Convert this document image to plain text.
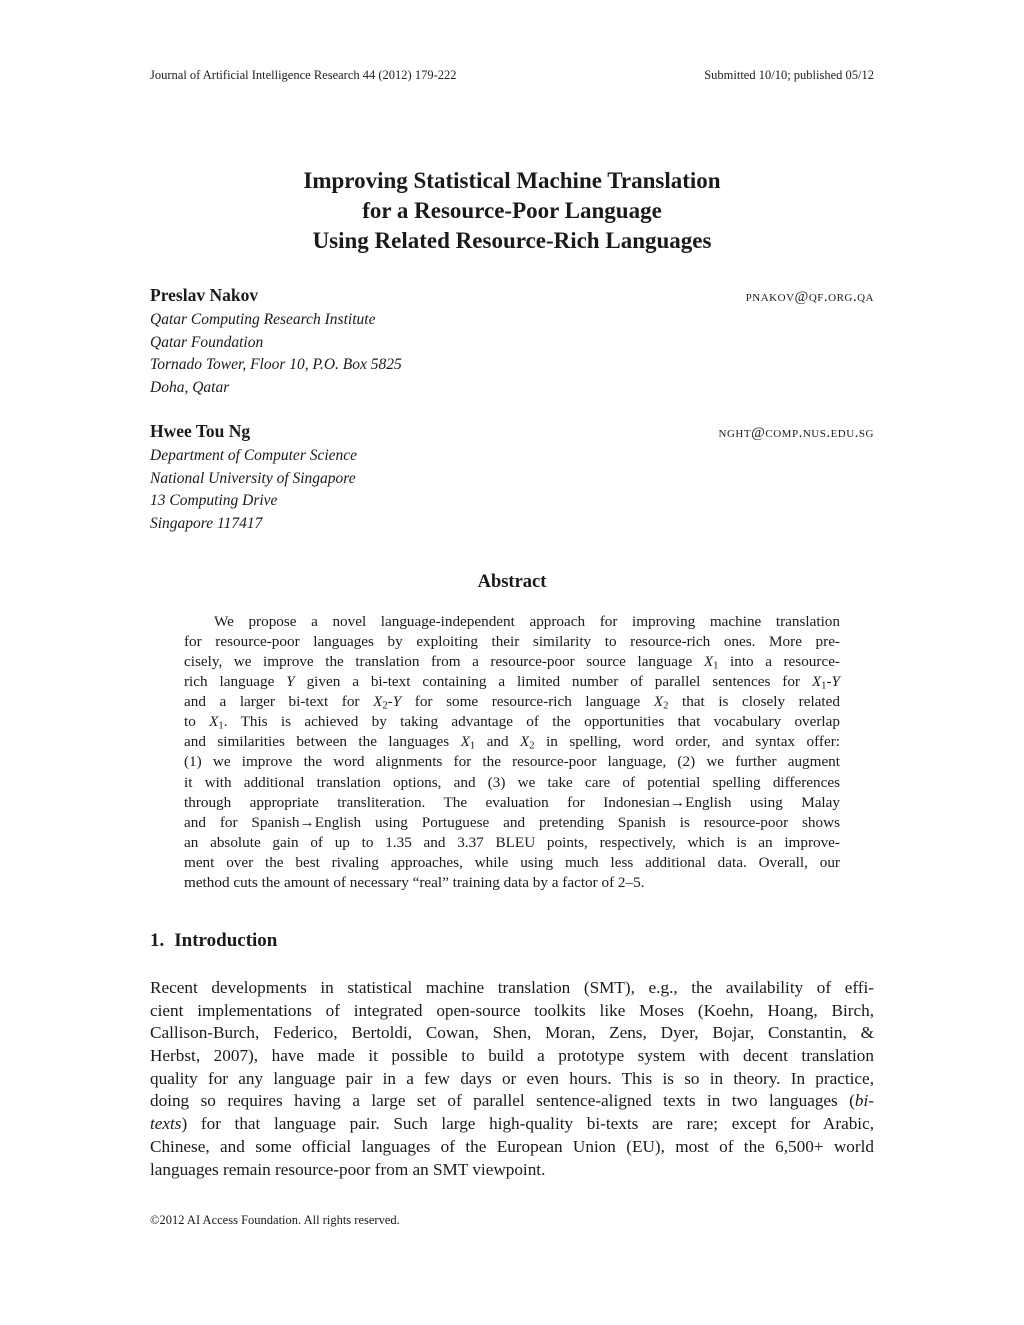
Journal of Artificial Intelligence Research 44 (2012) 179-222	Submitted 10/10; published 05/12
Improving Statistical Machine Translation
for a Resource-Poor Language
Using Related Resource-Rich Languages
Preslav Nakov	pnakov@qf.org.qa
Qatar Computing Research Institute
Qatar Foundation
Tornado Tower, Floor 10, P.O. Box 5825
Doha, Qatar
Hwee Tou Ng	nght@comp.nus.edu.sg
Department of Computer Science
National University of Singapore
13 Computing Drive
Singapore 117417
Abstract
We propose a novel language-independent approach for improving machine translation
for resource-poor languages by exploiting their similarity to resource-rich ones. More pre-
cisely, we improve the translation from a resource-poor source language $X_1$ into a resource-
rich language Y given a bi-text containing a limited number of parallel sentences for $X_1-Y$
and a larger bi-text for $X_2-Y$ for some resource-rich language $X_2$ that is closely related
to $X_1$. This is achieved by taking advantage of the opportunities that vocabulary overlap
and similarities between the languages $X_1$ and $X_2$ in spelling, word order, and syntax offer:
(1) we improve the word alignments for the resource-poor language, (2) we further augment
it with additional translation options, and (3) we take care of potential spelling differences
through appropriate transliteration. The evaluation for Indonesian→English using Malay
and for Spanish→English using Portuguese and pretending Spanish is resource-poor shows
an absolute gain of up to 1.35 and 3.37 BLEU points, respectively, which is an improve-
ment over the best rivaling approaches, while using much less additional data. Overall, our
method cuts the amount of necessary “real” training data by a factor of 2–5.
1. Introduction
Recent developments in statistical machine translation (SMT), e.g., the availability of effi-
cient implementations of integrated open-source toolkits like Moses (Koehn, Hoang, Birch,
Callison-Burch, Federico, Bertoldi, Cowan, Shen, Moran, Zens, Dyer, Bojar, Constantin, &
Herbst, 2007), have made it possible to build a prototype system with decent translation
quality for any language pair in a few days or even hours. This is so in theory. In practice,
doing so requires having a large set of parallel sentence-aligned texts in two languages (bi-
texts) for that language pair. Such large high-quality bi-texts are rare; except for Arabic,
Chinese, and some official languages of the European Union (EU), most of the 6,500+ world
languages remain resource-poor from an SMT viewpoint.
©2012 AI Access Foundation. All rights reserved.
